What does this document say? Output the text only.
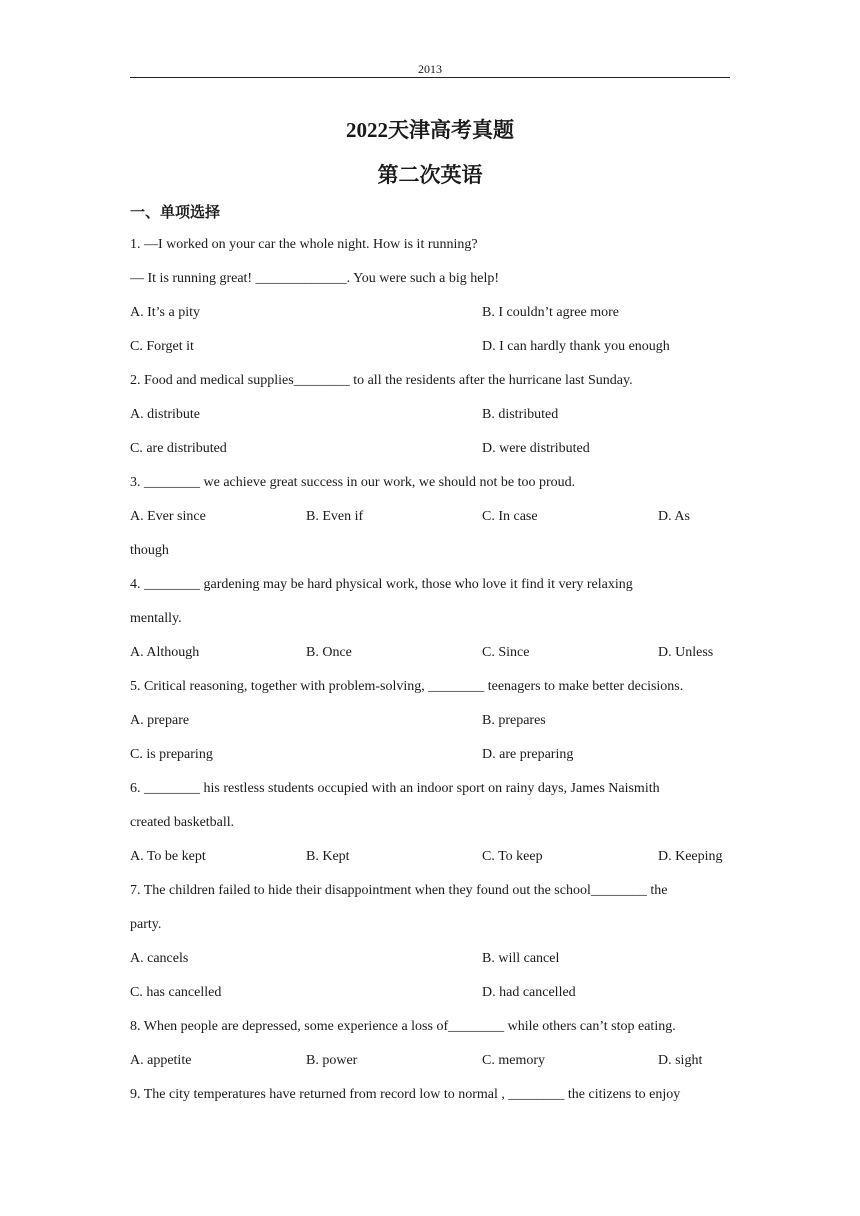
2013
2022天津高考真题
第二次英语
一、单项选择
1. —I worked on your car the whole night. How is it running?
— It is running great! _____________. You were such a big help!
A. It’s a pity	B. I couldn’t agree more
C. Forget it	D. I can hardly thank you enough
2. Food and medical supplies________ to all the residents after the hurricane last Sunday.
A. distribute	B. distributed
C. are distributed	D. were distributed
3. ________ we achieve great success in our work, we should not be too proud.
A. Ever since	B. Even if	C. In case	D. As
though
4. ________ gardening may be hard physical work, those who love it find it very relaxing
mentally.
A. Although	B. Once	C. Since	D. Unless
5. Critical reasoning, together with problem-solving, ________ teenagers to make better decisions.
A. prepare	B. prepares
C. is preparing	D. are preparing
6. ________ his restless students occupied with an indoor sport on rainy days, James Naismith
created basketball.
A. To be kept	B. Kept	C. To keep	D. Keeping
7. The children failed to hide their disappointment when they found out the school________ the
party.
A. cancels	B. will cancel
C. has cancelled	D. had cancelled
8. When people are depressed, some experience a loss of________ while others can’t stop eating.
A. appetite	B. power	C. memory	D. sight
9. The city temperatures have returned from record low to normal , ________ the citizens to enjoy
